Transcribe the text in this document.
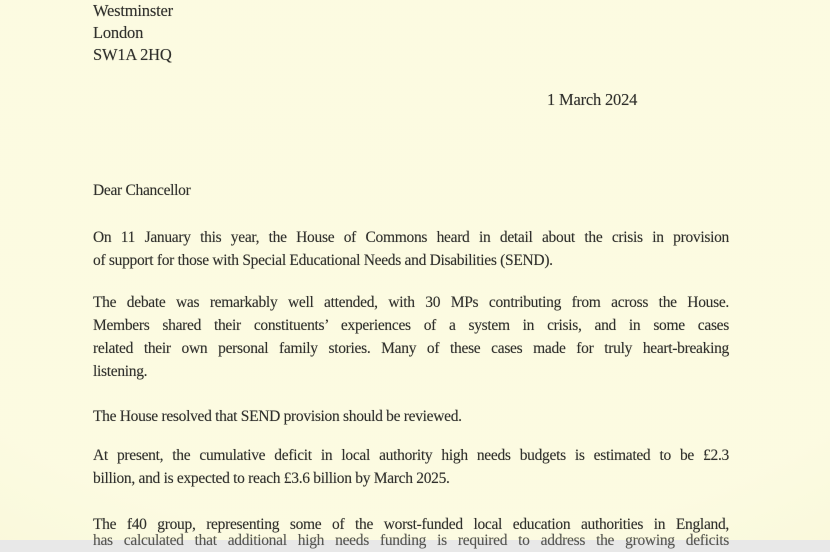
Westminster
London
SW1A 2HQ
1 March 2024
Dear Chancellor
On 11 January this year, the House of Commons heard in detail about the crisis in provision
of support for those with Special Educational Needs and Disabilities (SEND).
The debate was remarkably well attended, with 30 MPs contributing from across the House.
Members shared their constituents’ experiences of a system in crisis, and in some cases
related their own personal family stories. Many of these cases made for truly heart-breaking
listening.
The House resolved that SEND provision should be reviewed.
At present, the cumulative deficit in local authority high needs budgets is estimated to be £2.3
billion, and is expected to reach £3.6 billion by March 2025.
The f40 group, representing some of the worst-funded local education authorities in England,
has calculated that additional high needs funding is required to address the growing deficits
